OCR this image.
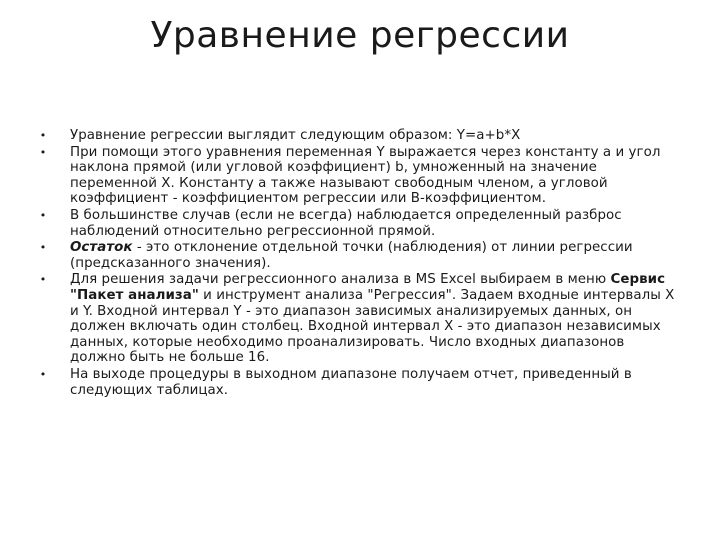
Уравнение регрессии
• Уравнение регрессии выглядит следующим образом: Y=a+b*X
• При помощи этого уравнения переменная Y выражается через константу a и угол наклона прямой (или угловой коэффициент) b, умноженный на значение переменной X. Константу a также называют свободным членом, а угловой коэффициент - коэффициентом регрессии или B-коэффициентом.
• В большинстве случав (если не всегда) наблюдается определенный разброс наблюдений относительно регрессионной прямой.
• Остаток - это отклонение отдельной точки (наблюдения) от линии регрессии (предсказанного значения).
• Для решения задачи регрессионного анализа в MS Excel выбираем в меню Сервис "Пакет анализа" и инструмент анализа "Регрессия". Задаем входные интервалы X и Y. Входной интервал Y - это диапазон зависимых анализируемых данных, он должен включать один столбец. Входной интервал X - это диапазон независимых данных, которые необходимо проанализировать. Число входных диапазонов должно быть не больше 16.
• На выходе процедуры в выходном диапазоне получаем отчет, приведенный в следующих таблицах.
